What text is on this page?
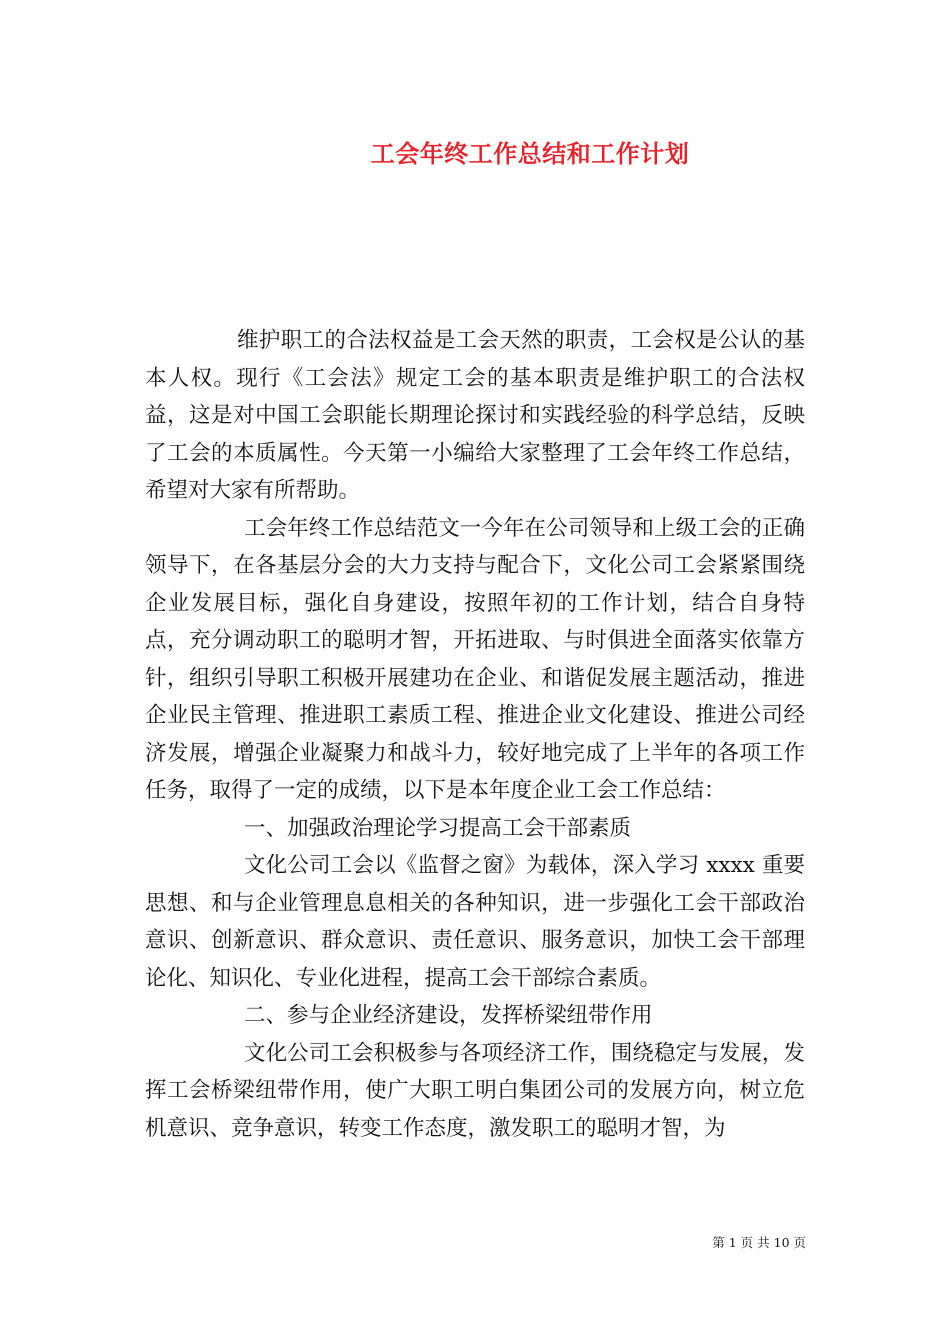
工会年终工作总结和工作计划

维护职工的合法权益是工会天然的职责，工会权是公认的基本人权。现行《工会法》规定工会的基本职责是维护职工的合法权益，这是对中国工会职能长期理论探讨和实践经验的科学总结，反映了工会的本质属性。今天第一小编给大家整理了工会年终工作总结，希望对大家有所帮助。

工会年终工作总结范文一今年在公司领导和上级工会的正确领导下，在各基层分会的大力支持与配合下，文化公司工会紧紧围绕企业发展目标，强化自身建设，按照年初的工作计划，结合自身特点，充分调动职工的聪明才智，开拓进取、与时俱进全面落实依靠方针，组织引导职工积极开展建功在企业、和谐促发展主题活动，推进企业民主管理、推进职工素质工程、推进企业文化建设、推进公司经济发展，增强企业凝聚力和战斗力，较好地完成了上半年的各项工作任务，取得了一定的成绩，以下是本年度企业工会工作总结：

一、加强政治理论学习提高工会干部素质

文化公司工会以《监督之窗》为载体，深入学习 xxxx 重要思想、和与企业管理息息相关的各种知识，进一步强化工会干部政治意识、创新意识、群众意识、责任意识、服务意识，加快工会干部理论化、知识化、专业化进程，提高工会干部综合素质。

二、参与企业经济建设，发挥桥梁纽带作用

文化公司工会积极参与各项经济工作，围绕稳定与发展，发挥工会桥梁纽带作用，使广大职工明白集团公司的发展方向，树立危机意识、竞争意识，转变工作态度，激发职工的聪明才智，为

第 1 页 共 10 页
